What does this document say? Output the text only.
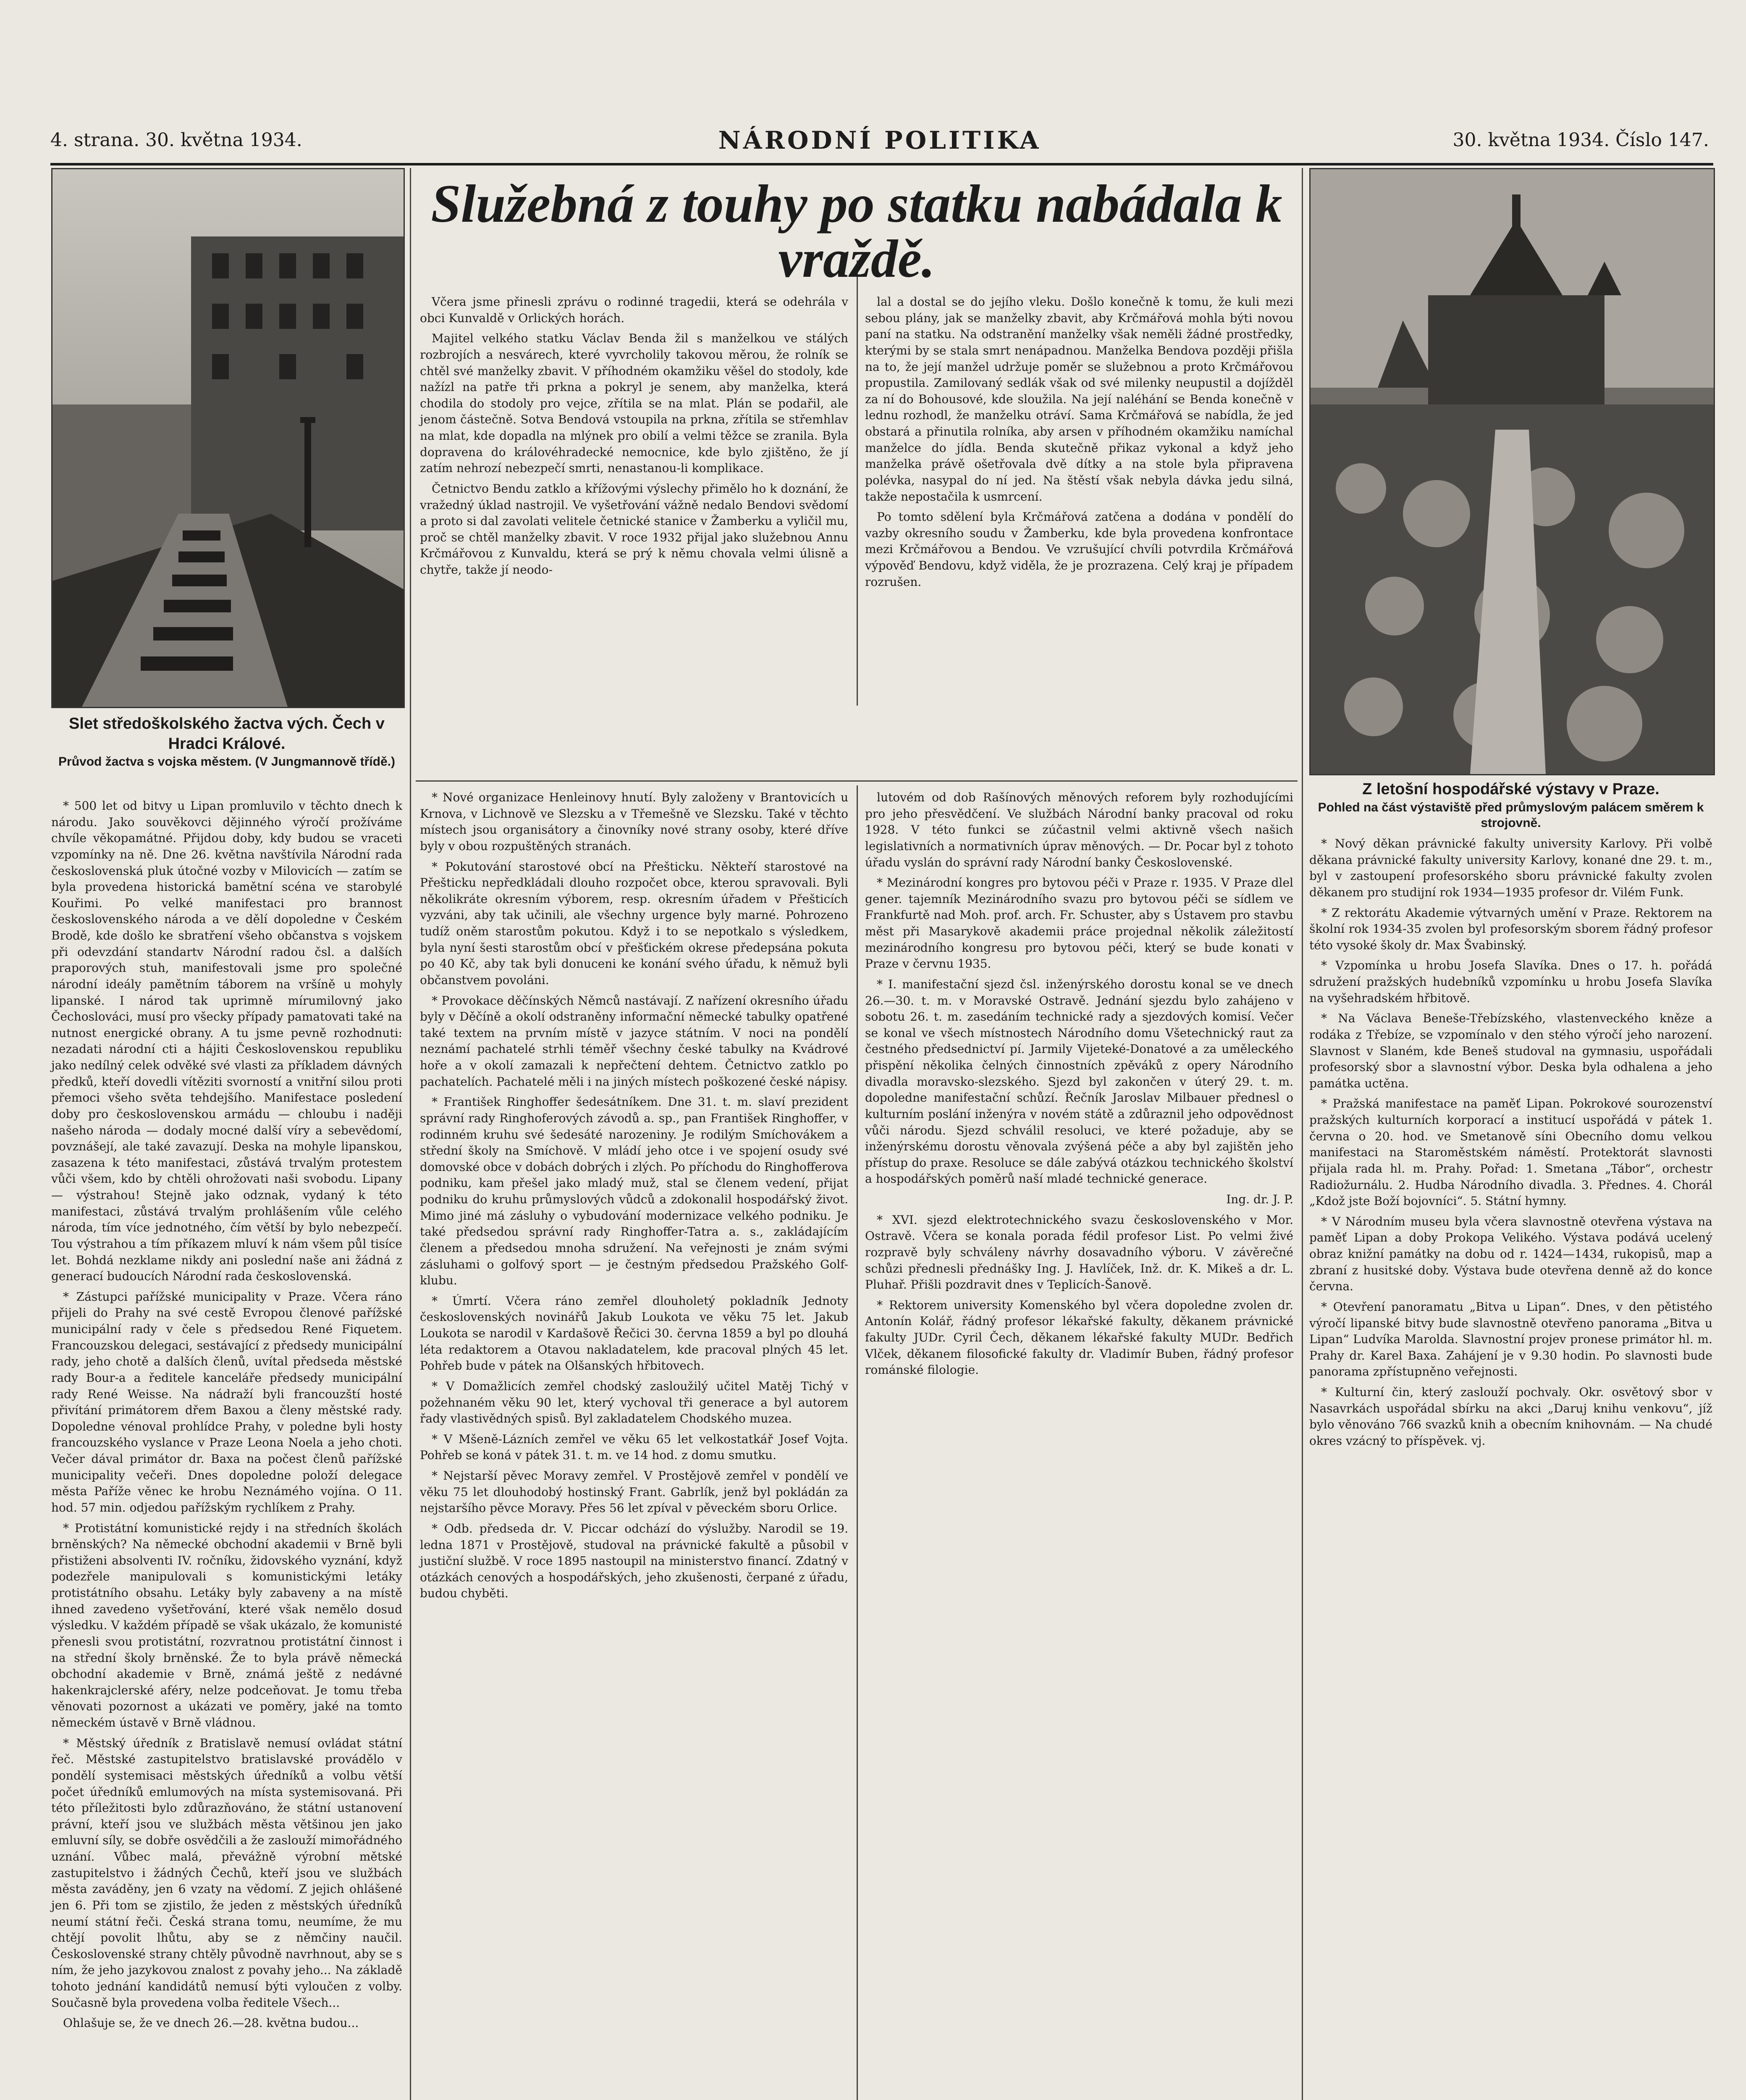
4. strana. 30. května 1934.	NÁRODNÍ POLITIKA	30. května 1934. Číslo 147.
Slet středoškolského žactva vých. Čech v Hradci Králové.
Průvod žactva s vojska městem. (V Jungmannově třídě.)
Z letošní hospodářské výstavy v Praze.
Pohled na část výstaviště před průmyslovým palácem směrem k strojovně.
Služebná z touhy po statku nabádala k vraždě.

Včera jsme přinesli zprávu o rodinné tragedii, která se odehrála v obci Kunvaldě v Orlických horách.

Majitel velkého statku Václav Benda žil s manželkou ve stálých rozbrojích a nesvárech, které vyvrcholily takovou měrou, že rolník se chtěl své manželky zbavit. V příhodném okamžiku věšel do stodoly, kde nažízl na patře tři prkna a pokryl je senem, aby manželka, která chodila do stodoly pro vejce, zřítila se na mlat. Plán se podařil, ale jenom částečně. Sotva Bendová vstoupila na prkna, zřítila se střemhlav na mlat, kde dopadla na mlýnek pro obilí a velmi těžce se zranila. Byla dopravena do královéhradecké nemocnice, kde bylo zjištěno, že jí zatím nehrozí nebezpečí smrti, nenastanou-li komplikace.

Četnictvo Bendu zatklo a křížovými výslechy přimělo ho k doznání, že vražedný úklad nastrojil. Ve vyšetřování vážně nedalo Bendovi svědomí a proto si dal zavolati velitele četnické stanice v Žamberku a vyličil mu, proč se chtěl manželky zbavit. V roce 1932 přijal jako služebnou Annu Krčmářovou z Kunvaldu, která se prý k němu chovala velmi úlisně a chytře, takže jí neodo-

lal a dostal se do jejího vleku. Došlo konečně k tomu, že kuli mezi sebou plány, jak se manželky zbavit, aby Krčmářová mohla býti novou paní na statku. Na odstranění manželky však neměli žádné prostředky, kterými by se stala smrt nenápadnou. Manželka Bendova později přišla na to, že její manžel udržuje poměr se služebnou a proto Krčmářovou propustila. Zamilovaný sedlák však od své milenky neupustil a dojížděl za ní do Bohousové, kde sloužila. Na její naléhání se Benda konečně v lednu rozhodl, že manželku otráví. Sama Krčmářová se nabídla, že jed obstará a přinutila rolníka, aby arsen v příhodném okamžiku namíchal manželce do jídla. Benda skutečně přikaz vykonal a když jeho manželka právě ošetřovala dvě dítky a na stole byla připravena polévka, nasypal do ní jed. Na štěstí však nebyla dávka jedu silná, takže nepostačila k usmrcení.

Po tomto sdělení byla Krčmářová zatčena a dodána v pondělí do vazby okresního soudu v Žamberku, kde byla provedena konfrontace mezi Krčmářovou a Bendou. Ve vzrušující chvíli potvrdila Krčmářová výpověď Bendovu, když viděla, že je prozrazena. Celý kraj je případem rozrušen.

* 500 let od bitvy u Lipan promluvilo v těchto dnech k národu. Jako souvěkovci dějinného výročí prožíváme chvíle věkopamátné. Přijdou doby, kdy budou se vraceti vzpomínky na ně. Dne 26. května navštívila Národní rada československá pluk útočné vozby v Milovicích — zatím se byla provedena historická bamětní scéna ve starobylé Kouřimi. Po velké manifestaci pro brannost československého národa a ve dělí dopoledne v Českém Brodě, kde došlo ke sbratření všeho občanstva s vojskem při odevzdání standartv Národní radou čsl. a dalších praporových stuh, manifestovali jsme pro společné národní ideály pamětním táborem na vršíně u mohyly lipanské. I národ tak uprimně mírumilovný jako Čechoslováci, musí pro všecky případy pamatovati také na nutnost energické obrany. A tu jsme pevně rozhodnuti: nezadati národní cti a hájiti Československou republiku jako nedílný celek odvěké své vlasti za příkladem dávných předků, kteří dovedli vítěziti svorností a vnitřní silou proti přemoci všeho světa tehdejšího. Manifestace posledení doby pro československou armádu — chloubu i naději našeho národa — dodaly mocné další víry a sebevědomí, povznášejí, ale také zavazují. Deska na mohyle lipanskou, zasazena k této manifestaci, zůstává trvalým protestem vůči všem, kdo by chtěli ohrožovati naši svobodu. Lipany — výstrahou! Stejně jako odznak, vydaný k této manifestaci, zůstává trvalým prohlášením vůle celého národa, tím více jednotného, čím větší by bylo nebezpečí. Tou výstrahou a tím příkazem mluví k nám všem půl tisíce let. Bohdá nezklame nikdy ani poslední naše ani žádná z generací budoucích Národní rada československá.

* Zástupci pařížské municipality v Praze. Včera ráno přijeli do Prahy na své cestě Evropou členové pařížské municipální rady v čele s předsedou René Fiquetem. Francouzskou delegaci, sestávající z předsedy municipální rady, jeho chotě a dalších členů, uvítal předseda městské rady Bour-a a ředitele kanceláře předsedy municipální rady René Weisse. Na nádraží byli francouzští hosté přivítání primátorem dřem Baxou a členy městské rady. Dopoledne vénoval prohlídce Prahy, v poledne byli hosty francouzského vyslance v Praze Leona Noela a jeho choti. Večer dával primátor dr. Baxa na počest členů pařížské municipality večeři. Dnes dopoledne položí delegace města Paříže věnec ke hrobu Neznámého vojína. O 11. hod. 57 min. odjedou pařížským rychlíkem z Prahy.

* Protistátní komunistické rejdy i na středních školách brněnských? Na německé obchodní akademii v Brně byli přistiženi absolventi IV. ročníku, židovského vyznání, když podezřele manipulovali s komunistickými letáky protistátního obsahu. Letáky byly zabaveny a na místě ihned zavedeno vyšetřování, které však nemělo dosud výsledku. V každém případě se však ukázalo, že komunisté přenesli svou protistátní, rozvratnou protistátní činnost i na střední školy brněnské. Že to byla právě německá obchodní akademie v Brně, známá ještě z nedávné hakenkrajclerské aféry, nelze podceňovat. Je tomu třeba věnovati pozornost a ukázati ve poměry, jaké na tomto německém ústavě v Brně vládnou.

* Městský úředník z Bratislavě nemusí ovládat státní řeč. Městské zastupitelstvo bratislavské provádělo v pondělí systemisaci městských úředníků a volbu větší počet úředníků emlumových na místa systemisovaná. Při této příležitosti bylo zdůrazňováno, že státní ustanovení právní, kteří jsou ve službách města většinou jen jako emluvní síly, se dobře osvědčili a že zaslouží mimořádného uznání. Vůbec malá, převážně výrobní mětské zastupitelstvo i žádných Čechů, kteří jsou ve službách města zaváděny, jen 6 vzaty na vědomí. Z jejich ohlášené jen 6. Při tom se zjistilo, že jeden z městských úředníků neumí státní řeči. Česká strana tomu, neumíme, že mu chtějí povolit lhůtu, aby se z němčiny naučil. Československé strany chtěly původně navrhnout, aby se s ním, že jeho jazykovou znalost z povahy jeho... Na základě tohoto jednání kandidátů nemusí býti vyloučen z volby. Současně byla provedena volba ředitele Všech...

Ohlašuje se, že ve dnech 26.—28. května budou...

* Nové organizace Henleinovy hnutí. Byly založeny v Brantovicích u Krnova, v Lichnově ve Slezsku a v Třemešně ve Slezsku. Také v těchto místech jsou organisátory a činovníky nové strany osoby, které dříve byly v obou rozpuštěných stranách.

* Pokutování starostové obcí na Přešticku. Někteří starostové na Přešticku nepředkládali dlouho rozpočet obce, kterou spravovali. Byli několikráte okresním výborem, resp. okresním úřadem v Přešticích vyzváni, aby tak učinili, ale všechny urgence byly marné. Pohrozeno tudíž oněm starostům pokutou. Když i to se nepotkalo s výsledkem, byla nyní šesti starostům obcí v přešťickém okrese předepsána pokuta po 40 Kč, aby tak byli donuceni ke konání svého úřadu, k němuž byli občanstvem povoláni.

* Provokace děčínských Němců nastávají. Z nařízení okresního úřadu byly v Děčíně a okolí odstraněny informační německé tabulky opatřené také textem na prvním místě v jazyce státním. V noci na pondělí neznámí pachatelé strhli téměř všechny české tabulky na Kvádrové hoře a v okolí zamazali k nepřečtení dehtem. Četnictvo zatklo po pachatelích. Pachatelé měli i na jiných místech poškozené české nápisy.

* František Ringhoffer šedesátníkem. Dne 31. t. m. slaví prezident správní rady Ringhoferových závodů a. sp., pan František Ringhoffer, v rodinném kruhu své šedesáté narozeniny. Je rodilým Smíchovákem a střední školy na Smíchově. V mládí jeho otce i ve spojení osudy své domovské obce v dobách dobrých i zlých. Po příchodu do Ringhofferova podniku, kam přešel jako mladý muž, stal se členem vedení, přijat podniku do kruhu průmyslových vůdců a zdokonalil hospodářský život. Mimo jiné má zásluhy o vybudování modernizace velkého podniku. Je také předsedou správní rady Ringhoffer-Tatra a. s., zakládajícím členem a předsedou mnoha sdružení. Na veřejnosti je znám svými zásluhami o golfový sport — je čestným předsedou Pražského Golf-klubu.

* Úmrtí. Včera ráno zemřel dlouholetý pokladník Jednoty československých novinářů Jakub Loukota ve věku 75 let. Jakub Loukota se narodil v Kardašově Řečici 30. června 1859 a byl po dlouhá léta redaktorem a Otavou nakladatelem, kde pracoval plných 45 let. Pohřeb bude v pátek na Olšanských hřbitovech.

* V Domažlicích zemřel chodský zasloužilý učitel Matěj Tichý v požehnaném věku 90 let, který vychoval tři generace a byl autorem řady vlastivědných spisů. Byl zakladatelem Chodského muzea.

* V Mšeně-Lázních zemřel ve věku 65 let velkostatkář Josef Vojta. Pohřeb se koná v pátek 31. t. m. ve 14 hod. z domu smutku.

* Nejstarší pěvec Moravy zemřel. V Prostějově zemřel v pondělí ve věku 75 let dlouhodobý hostinský Frant. Gabrlík, jenž byl pokládán za nejstaršího pěvce Moravy. Přes 56 let zpíval v pěveckém sboru Orlice.

* Odb. předseda dr. V. Piccar odchází do výslužby. Narodil se 19. ledna 1871 v Prostějově, studoval na právnické fakultě a působil v justiční službě. V roce 1895 nastoupil na ministerstvo financí. Zdatný v otázkách cenových a hospodářských, jeho zkušenosti, čerpané z úřadu, budou chyběti.

lutovém od dob Rašínových měnových reforem byly rozhodujícími pro jeho přesvědčení. Ve službách Národní banky pracoval od roku 1928. V této funkci se zúčastnil velmi aktivně všech našich legislativních a normativních úprav měnových. — Dr. Pocar byl z tohoto úřadu vyslán do správní rady Národní banky Československé.

* Mezinárodní kongres pro bytovou péči v Praze r. 1935. V Praze dlel gener. tajemník Mezinárodního svazu pro bytovou péči se sídlem ve Frankfurtě nad Moh. prof. arch. Fr. Schuster, aby s Ústavem pro stavbu měst při Masarykově akademii práce projednal několik záležitostí mezinárodního kongresu pro bytovou péči, který se bude konati v Praze v červnu 1935.

* I. manifestační sjezd čsl. inženýrského dorostu konal se ve dnech 26.—30. t. m. v Moravské Ostravě. Jednání sjezdu bylo zahájeno v sobotu 26. t. m. zasedáním technické rady a sjezdových komisí. Večer se konal ve všech místnostech Národního domu Všetechnický raut za čestného předsednictví pí. Jarmily Vijeteké-Donatové a za uměleckého přispění několika čelných činnostních zpěváků z opery Národního divadla moravsko-slezského. Sjezd byl zakončen v úterý 29. t. m. dopoledne manifestační schůzí. Řečník Jaroslav Milbauer přednesl o kulturním poslání inženýra v novém státě a zdůraznil jeho odpovědnost vůči národu. Sjezd schválil resoluci, ve které požaduje, aby se inženýrskému dorostu věnovala zvýšená péče a aby byl zajištěn jeho přístup do praxe. Resoluce se dále zabývá otázkou technického školství a hospodářských poměrů naší mladé technické generace.

Ing. dr. J. P.

* XVI. sjezd elektrotechnického svazu československého v Mor. Ostravě. Včera se konala porada fédil profesor List. Po velmi živé rozpravě byly schváleny návrhy dosavadního výboru. V závěrečné schůzi přednesli přednášky Ing. J. Havlíček, Inž. dr. K. Mikeš a dr. L. Pluhař. Přišli pozdravit dnes v Teplicích-Šanově.

* Rektorem university Komenského byl včera dopoledne zvolen dr. Antonín Kolář, řádný profesor lékařské fakulty, děkanem právnické fakulty JUDr. Cyril Čech, děkanem lékařské fakulty MUDr. Bedřich Vlček, děkanem filosofické fakulty dr. Vladimír Buben, řádný profesor románské filologie.

* Nový děkan právnické fakulty university Karlovy. Při volbě děkana právnické fakulty university Karlovy, konané dne 29. t. m., byl v zastoupení profesorského sboru právnické fakulty zvolen děkanem pro studijní rok 1934—1935 profesor dr. Vilém Funk.

* Z rektorátu Akademie výtvarných umění v Praze. Rektorem na školní rok 1934-35 zvolen byl profesorským sborem řádný profesor této vysoké školy dr. Max Švabinský.

* Vzpomínka u hrobu Josefa Slavíka. Dnes o 17. h. pořádá sdružení pražských hudebníků vzpomínku u hrobu Josefa Slavíka na vyšehradském hřbitově.

* Na Václava Beneše-Třebízského, vlastenveckého kněze a rodáka z Třebíze, se vzpomínalo v den stého výročí jeho narození. Slavnost v Slaném, kde Beneš studoval na gymnasiu, uspořádali profesorský sbor a slavnostní výbor. Deska byla odhalena a jeho památka uctěna.

* Pražská manifestace na paměť Lipan. Pokrokové sourozenství pražských kulturních korporací a institucí uspořádá v pátek 1. června o 20. hod. ve Smetanově síni Obecního domu velkou manifestaci na Staroměstském náměstí. Protektorát slavnosti přijala rada hl. m. Prahy. Pořad: 1. Smetana „Tábor“, orchestr Radiožurnálu. 2. Hudba Národního divadla. 3. Přednes. 4. Chorál „Kdož jste Boží bojovníci“. 5. Státní hymny.

* V Národním museu byla včera slavnostně otevřena výstava na paměť Lipan a doby Prokopa Velikého. Výstava podává ucelený obraz knižní památky na dobu od r. 1424—1434, rukopisů, map a zbraní z husitské doby. Výstava bude otevřena denně až do konce června.

* Otevření panoramatu „Bitva u Lipan“. Dnes, v den pětistého výročí lipanské bitvy bude slavnostně otevřeno panorama „Bitva u Lipan“ Ludvíka Marolda. Slavnostní projev pronese primátor hl. m. Prahy dr. Karel Baxa. Zahájení je v 9.30 hodin. Po slavnosti bude panorama zpřístupněno veřejnosti.

* Kulturní čin, který zaslouží pochvaly. Okr. osvětový sbor v Nasavrkách uspořádal sbírku na akci „Daruj knihu venkovu“, jíž bylo věnováno 766 svazků knih a obecním knihovnám. — Na chudé okres vzácný to příspěvek. vj.
